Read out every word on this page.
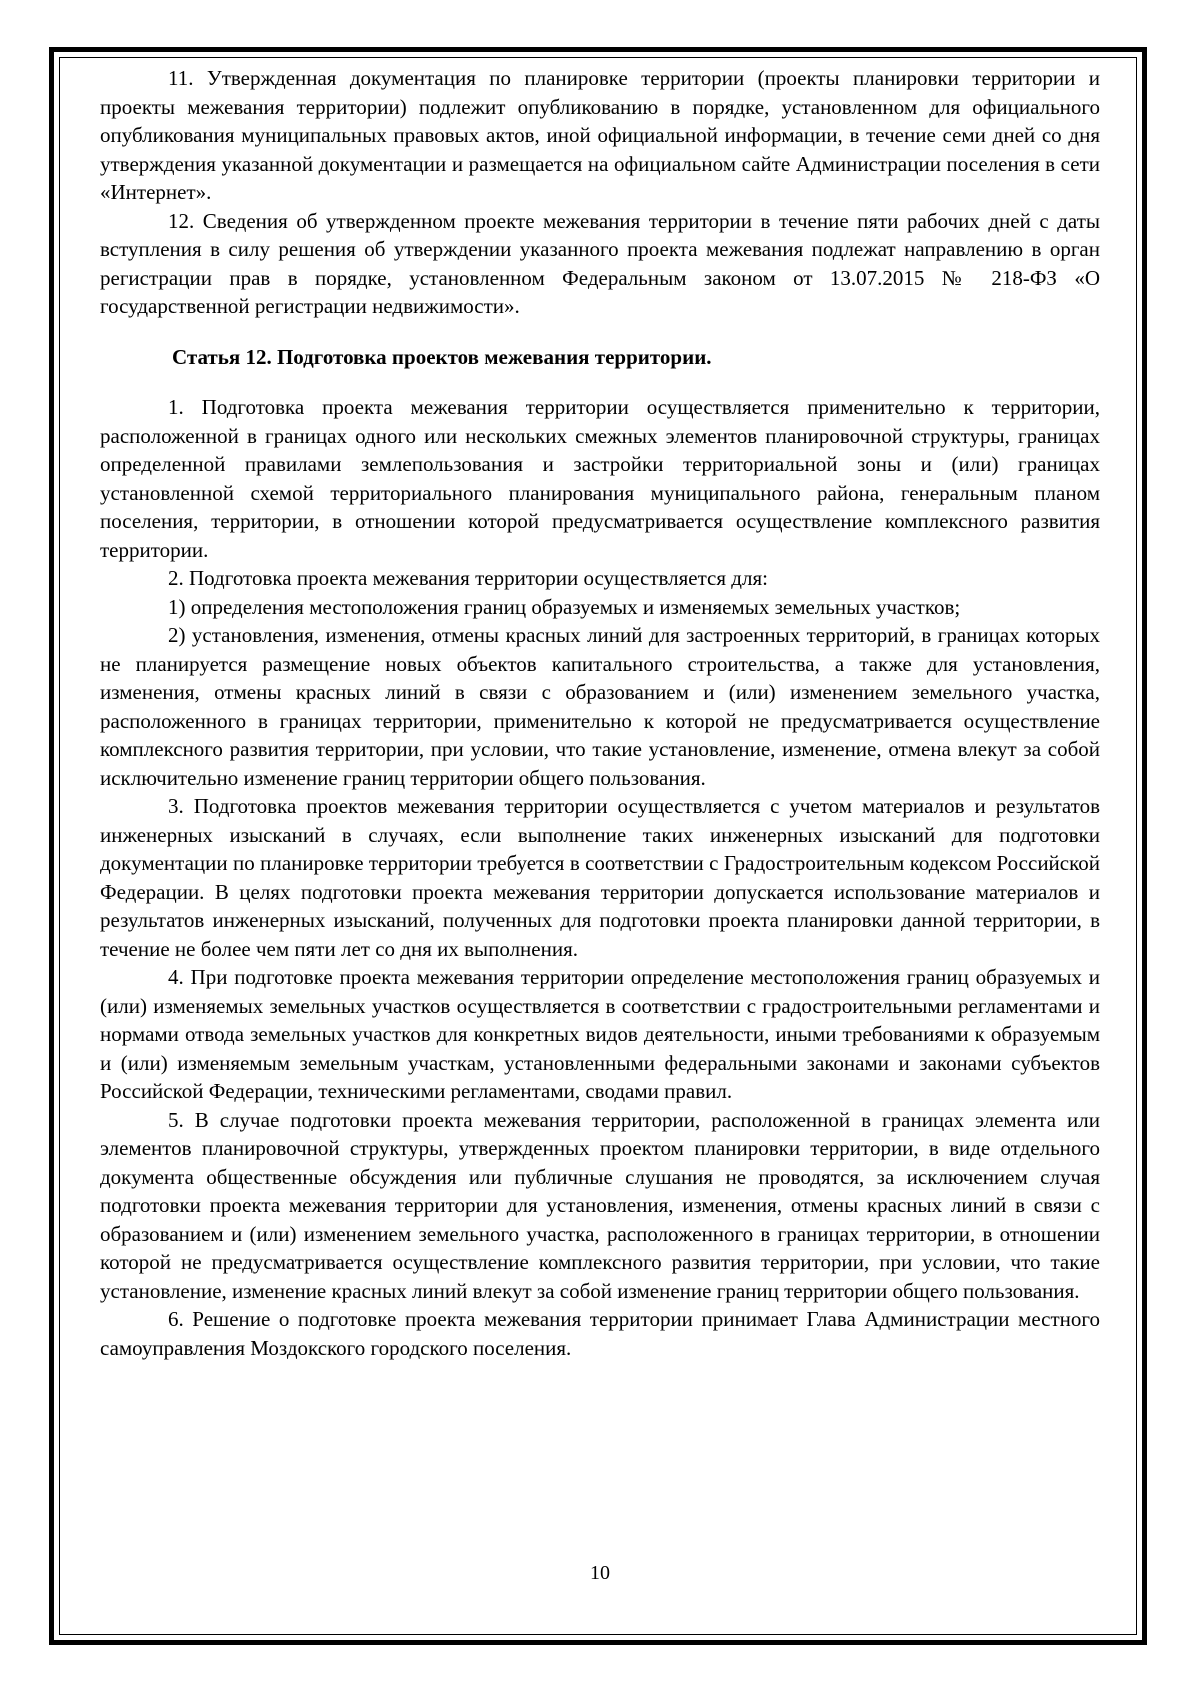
11. Утвержденная документация по планировке территории (проекты планировки территории и проекты межевания территории) подлежит опубликованию в порядке, установленном для официального опубликования муниципальных правовых актов, иной официальной информации, в течение семи дней со дня утверждения указанной документации и размещается на официальном сайте Администрации поселения в сети «Интернет».

12. Сведения об утвержденном проекте межевания территории в течение пяти рабочих дней с даты вступления в силу решения об утверждении указанного проекта межевания подлежат направлению в орган регистрации прав в порядке, установленном Федеральным законом от 13.07.2015 № 218-ФЗ «О государственной регистрации недвижимости».

Статья 12. Подготовка проектов межевания территории.

1. Подготовка проекта межевания территории осуществляется применительно к территории, расположенной в границах одного или нескольких смежных элементов планировочной структуры, границах определенной правилами землепользования и застройки территориальной зоны и (или) границах установленной схемой территориального планирования муниципального района, генеральным планом поселения, территории, в отношении которой предусматривается осуществление комплексного развития территории.

2. Подготовка проекта межевания территории осуществляется для:

1) определения местоположения границ образуемых и изменяемых земельных участков;

2) установления, изменения, отмены красных линий для застроенных территорий, в границах которых не планируется размещение новых объектов капитального строительства, а также для установления, изменения, отмены красных линий в связи с образованием и (или) изменением земельного участка, расположенного в границах территории, применительно к которой не предусматривается осуществление комплексного развития территории, при условии, что такие установление, изменение, отмена влекут за собой исключительно изменение границ территории общего пользования.

3. Подготовка проектов межевания территории осуществляется с учетом материалов и результатов инженерных изысканий в случаях, если выполнение таких инженерных изысканий для подготовки документации по планировке территории требуется в соответствии с Градостроительным кодексом Российской Федерации. В целях подготовки проекта межевания территории допускается использование материалов и результатов инженерных изысканий, полученных для подготовки проекта планировки данной территории, в течение не более чем пяти лет со дня их выполнения.

4. При подготовке проекта межевания территории определение местоположения границ образуемых и (или) изменяемых земельных участков осуществляется в соответствии с градостроительными регламентами и нормами отвода земельных участков для конкретных видов деятельности, иными требованиями к образуемым и (или) изменяемым земельным участкам, установленными федеральными законами и законами субъектов Российской Федерации, техническими регламентами, сводами правил.

5. В случае подготовки проекта межевания территории, расположенной в границах элемента или элементов планировочной структуры, утвержденных проектом планировки территории, в виде отдельного документа общественные обсуждения или публичные слушания не проводятся, за исключением случая подготовки проекта межевания территории для установления, изменения, отмены красных линий в связи с образованием и (или) изменением земельного участка, расположенного в границах территории, в отношении которой не предусматривается осуществление комплексного развития территории, при условии, что такие установление, изменение красных линий влекут за собой изменение границ территории общего пользования.

6. Решение о подготовке проекта межевания территории принимает Глава Администрации местного самоуправления Моздокского городского поселения.

10
